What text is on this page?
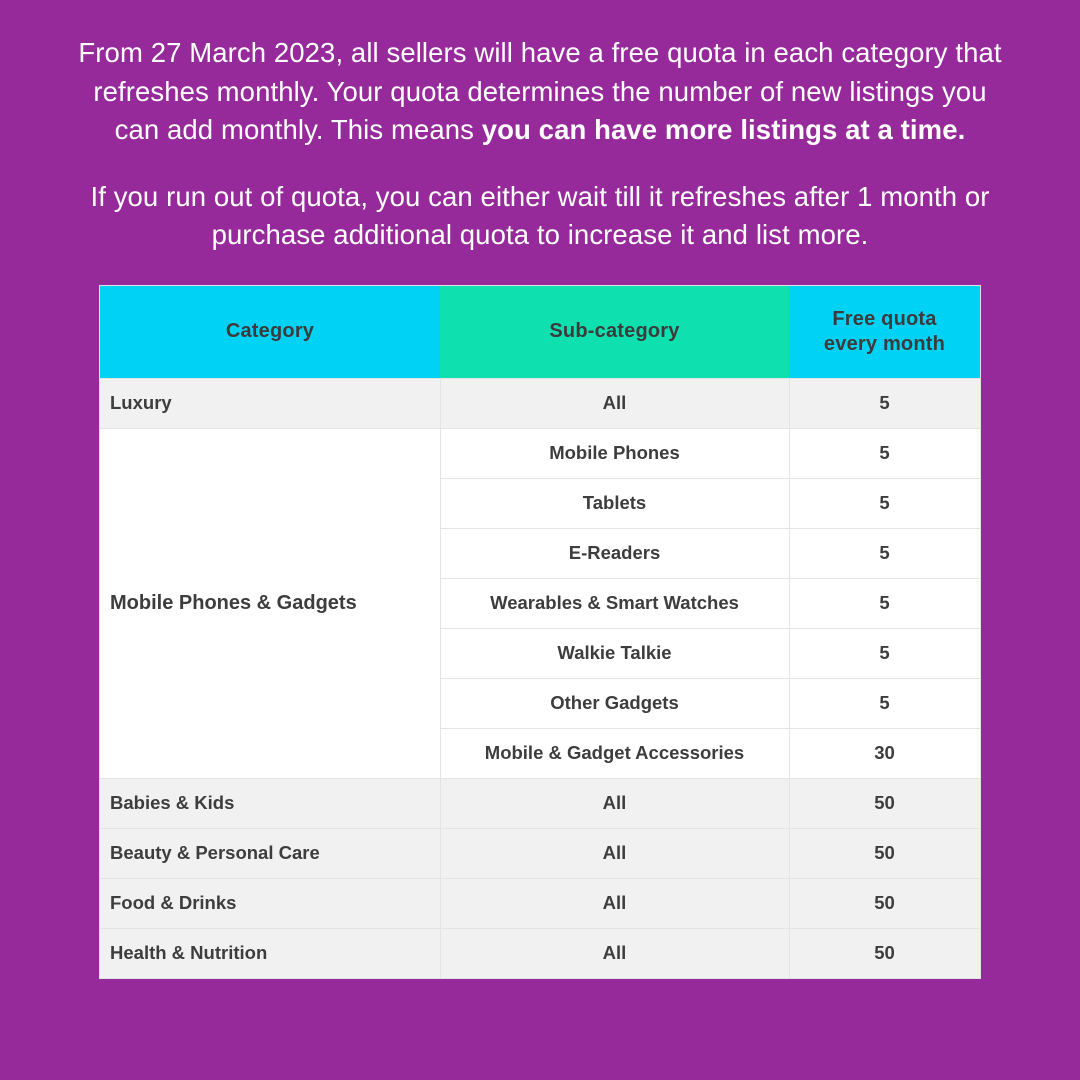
From 27 March 2023, all sellers will have a free quota in each category that refreshes monthly. Your quota determines the number of new listings you can add monthly. This means you can have more listings at a time.

If you run out of quota, you can either wait till it refreshes after 1 month or purchase additional quota to increase it and list more.

Category	Sub-category	Free quota
every month

Luxury	All	5
Mobile Phones & Gadgets	Mobile Phones	5
	Tablets	5
	E-Readers	5
	Wearables & Smart Watches	5
	Walkie Talkie	5
	Other Gadgets	5
	Mobile & Gadget Accessories	30
Babies & Kids	All	50
Beauty & Personal Care	All	50
Food & Drinks	All	50
Health & Nutrition	All	50
